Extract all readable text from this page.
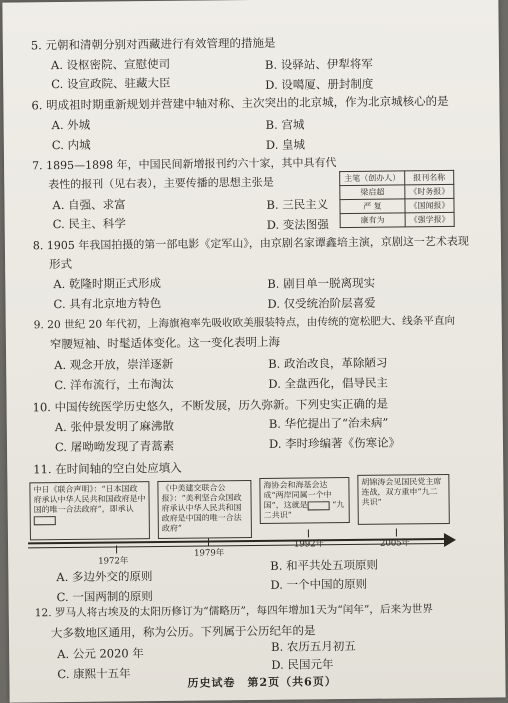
5. 元朝和清朝分别对西藏进行有效管理的措施是
A. 设枢密院、宣慰使司	B. 设驿站、伊犁将军
C. 设宣政院、驻藏大臣	D. 设噶厦、册封制度
6. 明成祖时期重新规划并营建中轴对称、主次突出的北京城，作为北京城核心的是
A. 外城	B. 宫城
C. 内城	D. 皇城
7. 1895—1898 年，中国民间新增报刊约六十家，其中具有代
表性的报刊（见右表），主要传播的思想主张是
A. 自强、求富	B. 三民主义
C. 民主、科学	D. 变法图强
主笔（创办人）	报刊名称
梁启超	《时务报》
严 复	《国闻报》
康有为	《强学报》
8. 1905 年我国拍摄的第一部电影《定军山》，由京剧名家谭鑫培主演，京剧这一艺术表现
形式
A. 乾隆时期正式形成	B. 剧目单一脱离现实
C. 具有北京地方特色	D. 仅受统治阶层喜爱
9. 20 世纪 20 年代初，上海旗袍率先吸收欧美服装特点，由传统的宽松肥大、线条平直向
窄腰短袖、时髦适体变化。这一变化表明上海
A. 观念开放，崇洋逐新	B. 政治改良，革除陋习
C. 洋布流行，土布淘汰	D. 全盘西化，倡导民主
10. 中国传统医学历史悠久，不断发展，历久弥新。下列史实正确的是
A. 张仲景发明了麻沸散	B. 华佗提出了“治未病”
C. 屠呦呦发现了青蒿素	D. 李时珍编著《伤寒论》
11. 在时间轴的空白处应填入
中日《联合声明》：“日本国政府承认中华人民共和国政府是中国的唯一合法政府”，即承认
《中美建交联合公报》：“美利坚合众国政府承认中华人民共和国政府是中国的唯一合法政府”
海协会和海基会达成“两岸同属一个中国”，这就是	“九二共识”
胡锦涛会见国民党主席连战，双方重申“九二共识”
1972年
1979年
1992年	2005年
A. 多边外交的原则
B. 和平共处五项原则
C. 一国两制的原则
D. 一个中国的原则
12. 罗马人将古埃及的太阳历修订为“儒略历”，每四年增加1天为“闰年”，后来为世界
大多数地区通用，称为公历。下列属于公历纪年的是
A. 公元 2020 年	B. 农历五月初五
C. 康熙十五年
D. 民国元年
历史试卷　第2页（共6页）
